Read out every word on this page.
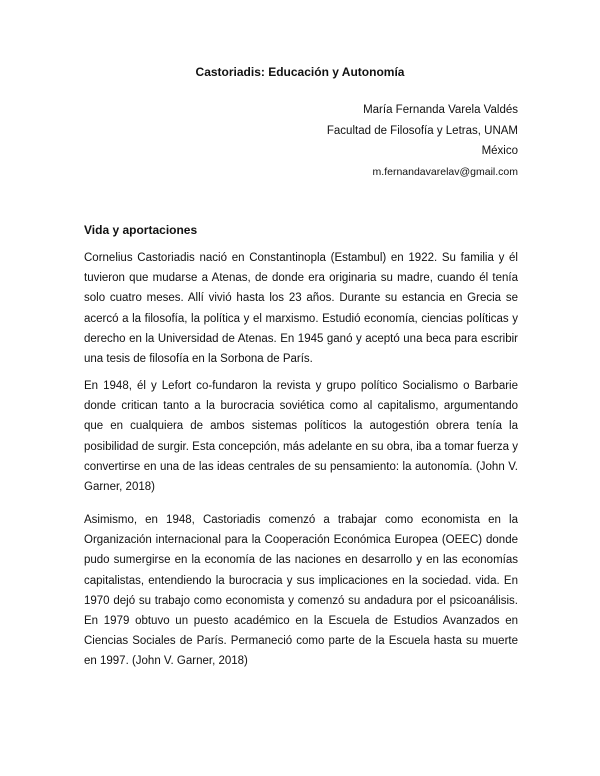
Castoriadis: Educación y Autonomía
María Fernanda Varela Valdés
Facultad de Filosofía y Letras, UNAM
México
m.fernandavarelav@gmail.com
Vida y aportaciones

Cornelius Castoriadis nació en Constantinopla (Estambul) en 1922. Su familia y él tuvieron que mudarse a Atenas, de donde era originaria su madre, cuando él tenía solo cuatro meses. Allí vivió hasta los 23 años. Durante su estancia en Grecia se acercó a la filosofía, la política y el marxismo. Estudió economía, ciencias políticas y derecho en la Universidad de Atenas. En 1945 ganó y aceptó una beca para escribir una tesis de filosofía en la Sorbona de París.

En 1948, él y Lefort co-fundaron la revista y grupo político Socialismo o Barbarie donde critican tanto a la burocracia soviética como al capitalismo, argumentando que en cualquiera de ambos sistemas políticos la autogestión obrera tenía la posibilidad de surgir. Esta concepción, más adelante en su obra, iba a tomar fuerza y convertirse en una de las ideas centrales de su pensamiento: la autonomía. (John V. Garner, 2018)

Asimismo, en 1948, Castoriadis comenzó a trabajar como economista en la Organización internacional para la Cooperación Económica Europea (OEEC) donde pudo sumergirse en la economía de las naciones en desarrollo y en las economías capitalistas, entendiendo la burocracia y sus implicaciones en la sociedad. vida. En 1970 dejó su trabajo como economista y comenzó su andadura por el psicoanálisis. En 1979 obtuvo un puesto académico en la Escuela de Estudios Avanzados en Ciencias Sociales de París. Permaneció como parte de la Escuela hasta su muerte en 1997. (John V. Garner, 2018)
